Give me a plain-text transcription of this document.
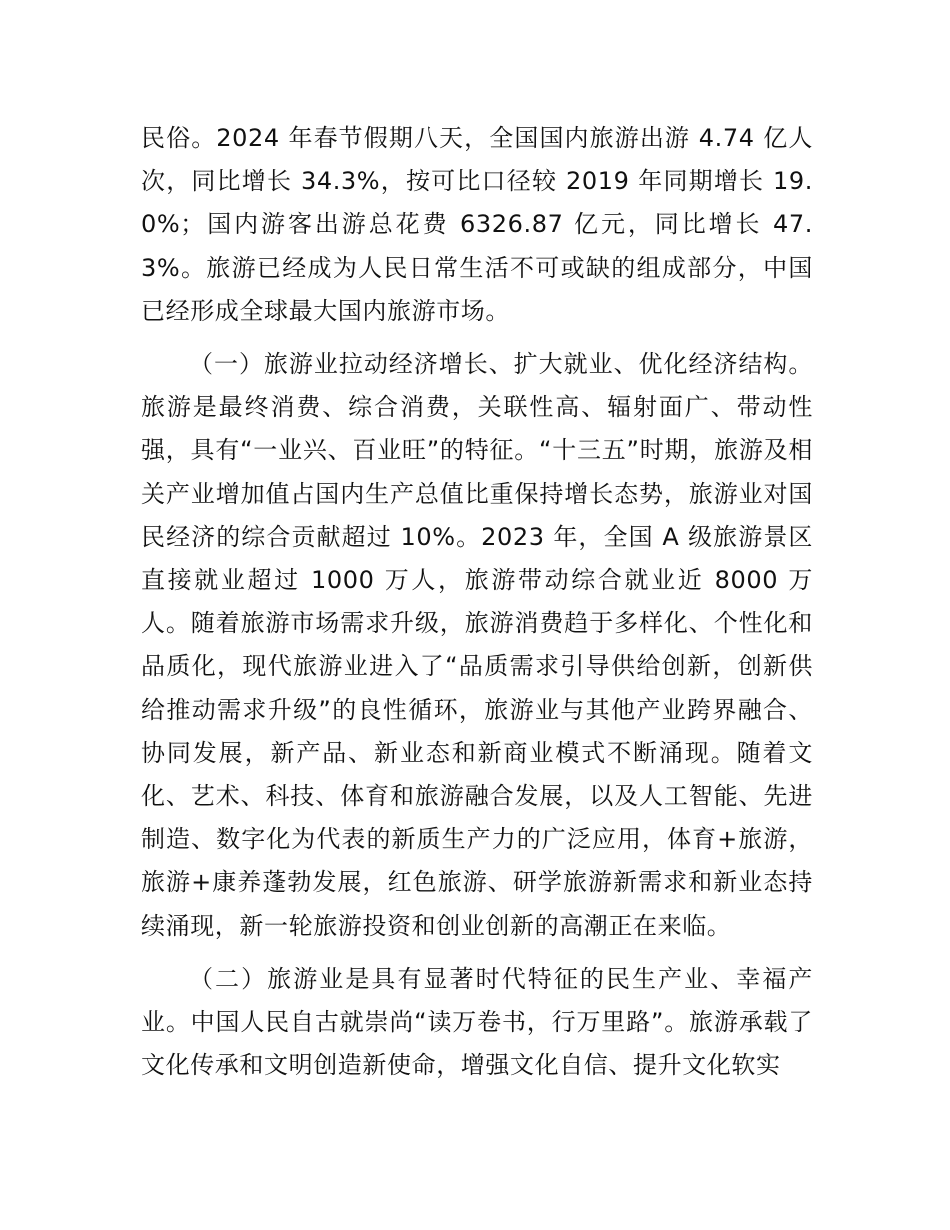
民俗。2024 年春节假期八天，全国国内旅游出游 4.74 亿人次，同比增长 34.3%，按可比口径较 2019 年同期增长 19.0%；国内游客出游总花费 6326.87 亿元，同比增长 47.3%。旅游已经成为人民日常生活不可或缺的组成部分，中国已经形成全球最大国内旅游市场。

（一）旅游业拉动经济增长、扩大就业、优化经济结构。旅游是最终消费、综合消费，关联性高、辐射面广、带动性强，具有“一业兴、百业旺”的特征。“十三五”时期，旅游及相关产业增加值占国内生产总值比重保持增长态势，旅游业对国民经济的综合贡献超过 10%。2023 年，全国 A 级旅游景区直接就业超过 1000 万人，旅游带动综合就业近 8000 万人。随着旅游市场需求升级，旅游消费趋于多样化、个性化和品质化，现代旅游业进入了“品质需求引导供给创新，创新供给推动需求升级”的良性循环，旅游业与其他产业跨界融合、协同发展，新产品、新业态和新商业模式不断涌现。随着文化、艺术、科技、体育和旅游融合发展，以及人工智能、先进制造、数字化为代表的新质生产力的广泛应用，体育+旅游，旅游+康养蓬勃发展，红色旅游、研学旅游新需求和新业态持续涌现，新一轮旅游投资和创业创新的高潮正在来临。

（二）旅游业是具有显著时代特征的民生产业、幸福产业。中国人民自古就崇尚“读万卷书，行万里路”。旅游承载了文化传承和文明创造新使命，增强文化自信、提升文化软实
